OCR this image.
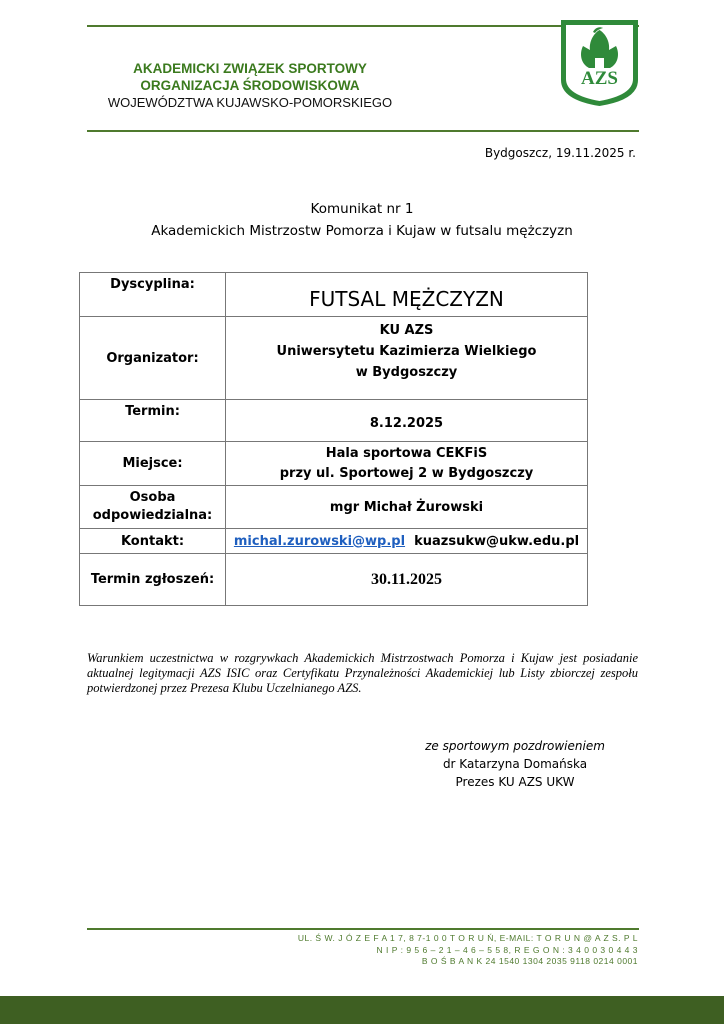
AKADEMICKI ZWIĄZEK SPORTOWY
ORGANIZACJA ŚRODOWISKOWA
WOJEWÓDZTWA KUJAWSKO-POMORSKIEGO
AZS
Bydgoszcz, 19.11.2025 r.
Komunikat nr 1
Akademickich Mistrzostw Pomorza i Kujaw w futsalu mężczyzn
Dyscyplina:	FUTSAL MĘŻCZYZN
Organizator:	KU AZS
Uniwersytetu Kazimierza Wielkiego
w Bydgoszczy

Termin:	8.12.2025
Miejsce:	Hala sportowa CEKFiS
przy ul. Sportowej 2 w Bydgoszczy

Osoba
odpowiedzialna:	mgr Michał Żurowski
Kontakt:	michal.zurowski@wp.pl kuazsukw@ukw.edu.pl
Termin zgłoszeń:	30.11.2025
Warunkiem uczestnictwa w rozgrywkach Akademickich Mistrzostwach Pomorza i Kujaw jest posiadanie aktualnej legitymacji AZS ISIC oraz Certyfikatu Przynależności Akademickiej lub Listy zbiorczej zespołu potwierdzonej przez Prezesa Klubu Uczelnianego AZS.
ze sportowym pozdrowieniem
dr Katarzyna Domańska
Prezes KU AZS UKW
UL. Ś W. J Ó Z E F A 1 7, 8 7-1 0 0 T O R U Ń, E-MAIL: T O R U N @ A Z S. P L
N I P : 9 5 6 – 2 1 – 4 6 – 5 5 8, R E G O N : 3 4 0 0 3 0 4 4 3
B O Ś B A N K 24 1540 1304 2035 9118 0214 0001
